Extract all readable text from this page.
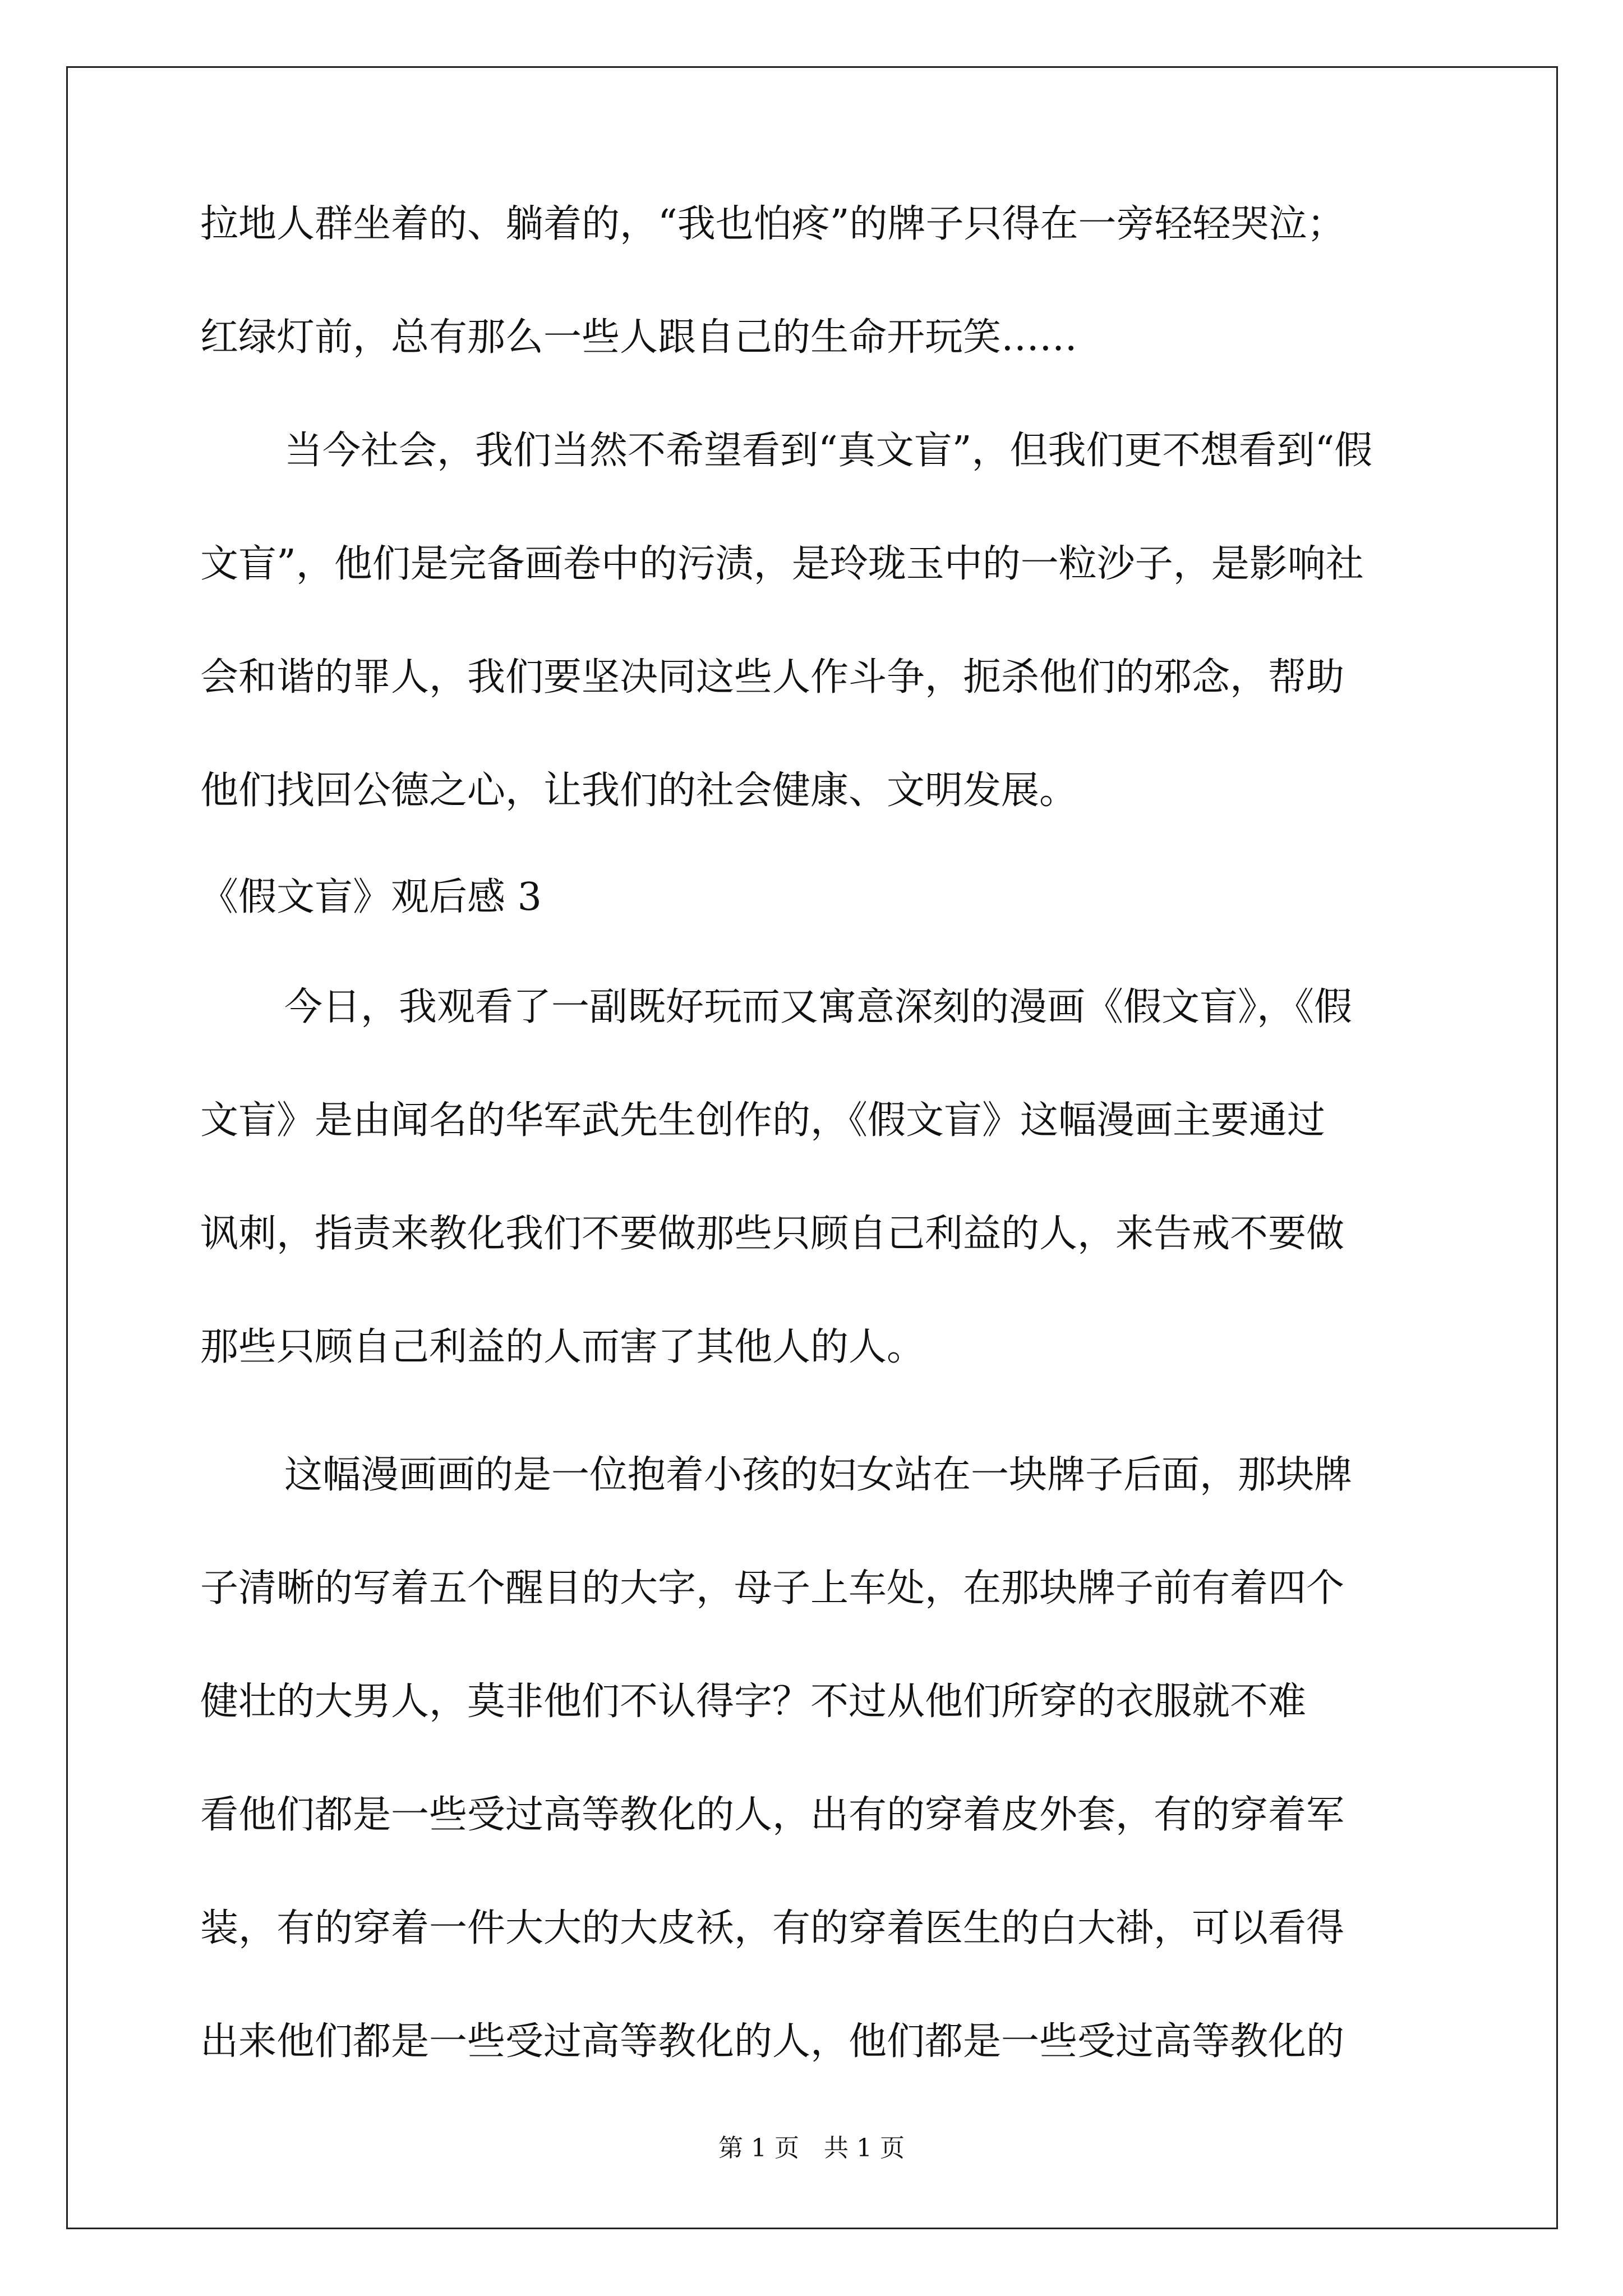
拉地人群坐着的、躺着的，“我也怕疼”的牌子只得在一旁轻轻哭泣；
红绿灯前，总有那么一些人跟自己的生命开玩笑……
当今社会，我们当然不希望看到“真文盲”，但我们更不想看到“假
文盲”，他们是完备画卷中的污渍，是玲珑玉中的一粒沙子，是影响社
会和谐的罪人，我们要坚决同这些人作斗争，扼杀他们的邪念，帮助
他们找回公德之心，让我们的社会健康、文明发展。
《假文盲》观后感 3
今日，我观看了一副既好玩而又寓意深刻的漫画《假文盲》，《假
文盲》是由闻名的华军武先生创作的，《假文盲》这幅漫画主要通过
讽刺，指责来教化我们不要做那些只顾自己利益的人，来告戒不要做
那些只顾自己利益的人而害了其他人的人。
这幅漫画画的是一位抱着小孩的妇女站在一块牌子后面，那块牌
子清晰的写着五个醒目的大字，母子上车处，在那块牌子前有着四个
健壮的大男人，莫非他们不认得字？不过从他们所穿的衣服就不难
看他们都是一些受过高等教化的人，出有的穿着皮外套，有的穿着军
装，有的穿着一件大大的大皮袄，有的穿着医生的白大褂，可以看得
出来他们都是一些受过高等教化的人，他们都是一些受过高等教化的
第 1 页　共 1 页
